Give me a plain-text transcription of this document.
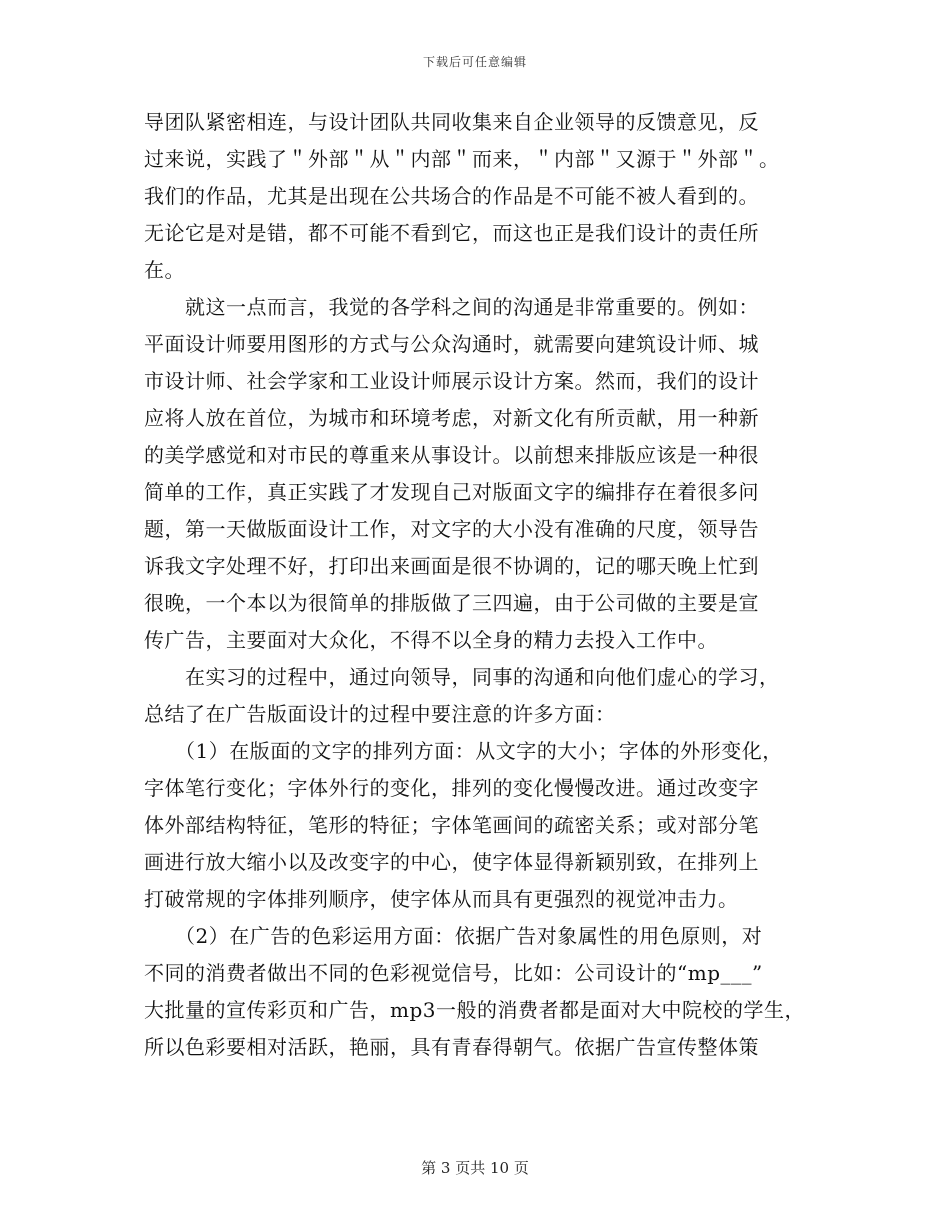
下载后可任意编辑
导团队紧密相连，与设计团队共同收集来自企业领导的反馈意见，反
过来说，实践了＂外部＂从＂内部＂而来，＂内部＂又源于＂外部＂。
我们的作品，尤其是出现在公共场合的作品是不可能不被人看到的。
无论它是对是错，都不可能不看到它，而这也正是我们设计的责任所
在。
　　就这一点而言，我觉的各学科之间的沟通是非常重要的。例如：
平面设计师要用图形的方式与公众沟通时，就需要向建筑设计师、城
市设计师、社会学家和工业设计师展示设计方案。然而，我们的设计
应将人放在首位，为城市和环境考虑，对新文化有所贡献，用一种新
的美学感觉和对市民的尊重来从事设计。以前想来排版应该是一种很
简单的工作，真正实践了才发现自己对版面文字的编排存在着很多问
题，第一天做版面设计工作，对文字的大小没有准确的尺度，领导告
诉我文字处理不好，打印出来画面是很不协调的，记的哪天晚上忙到
很晚，一个本以为很简单的排版做了三四遍，由于公司做的主要是宣
传广告，主要面对大众化，不得不以全身的精力去投入工作中。
　　在实习的过程中，通过向领导，同事的沟通和向他们虚心的学习，
总结了在广告版面设计的过程中要注意的许多方面：
　　（1）在版面的文字的排列方面：从文字的大小；字体的外形变化，
字体笔行变化；字体外行的变化，排列的变化慢慢改进。通过改变字
体外部结构特征，笔形的特征；字体笔画间的疏密关系；或对部分笔
画进行放大缩小以及改变字的中心，使字体显得新颖别致，在排列上
打破常规的字体排列顺序，使字体从而具有更强烈的视觉冲击力。
　　（2）在广告的色彩运用方面：依据广告对象属性的用色原则，对
不同的消费者做出不同的色彩视觉信号，比如：公司设计的“mp___”
大批量的宣传彩页和广告，mp3一般的消费者都是面对大中院校的学生，
所以色彩要相对活跃，艳丽，具有青春得朝气。依据广告宣传整体策
第 3 页共 10 页
